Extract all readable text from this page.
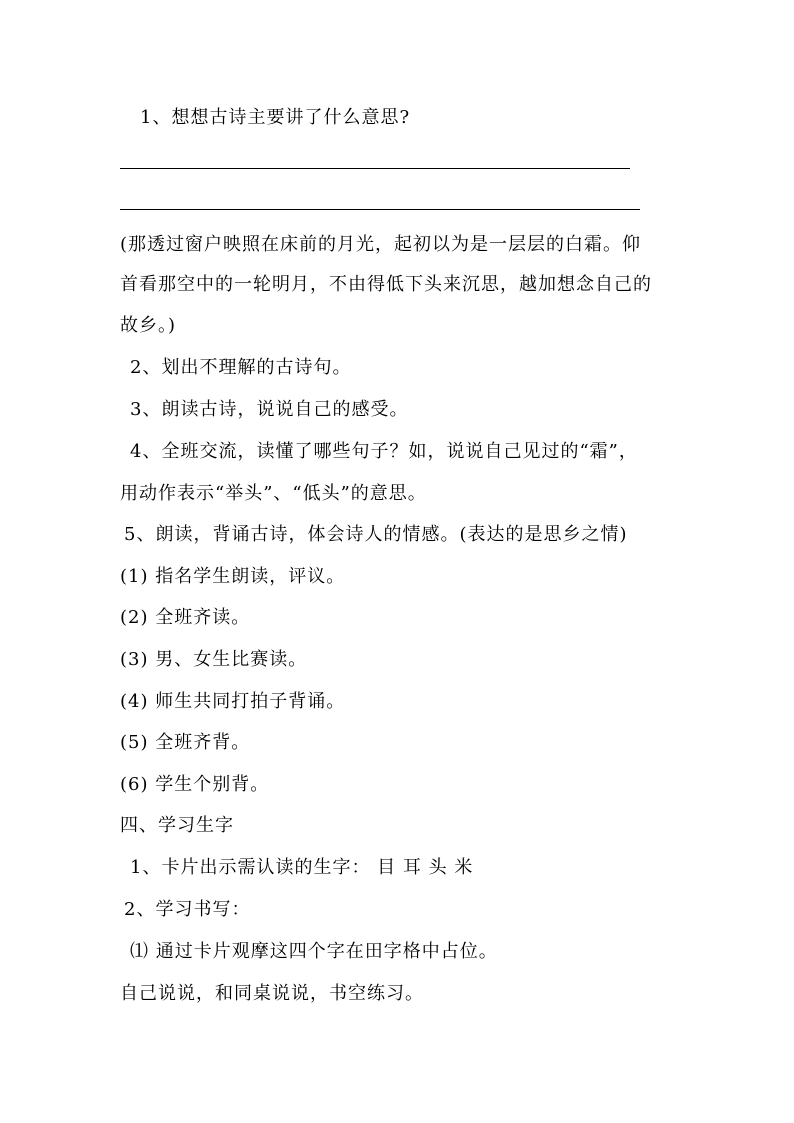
1、想想古诗主要讲了什么意思?
(那透过窗户映照在床前的月光，起初以为是一层层的白霜。仰
首看那空中的一轮明月，不由得低下头来沉思，越加想念自己的
故乡。)
2、划出不理解的古诗句。
3、朗读古诗，说说自己的感受。
4、全班交流，读懂了哪些句子？如，说说自己见过的“霜”，
用动作表示“举头”、“低头”的意思。
5、朗读，背诵古诗，体会诗人的情感。(表达的是思乡之情)
(1) 指名学生朗读，评议。
(2) 全班齐读。
(3) 男、女生比赛读。
(4) 师生共同打拍子背诵。
(5) 全班齐背。
(6) 学生个别背。
四、学习生字
1、卡片出示需认读的生字： 目 耳 头 米
2、学习书写：
⑴ 通过卡片观摩这四个字在田字格中占位。
自己说说，和同桌说说，书空练习。
